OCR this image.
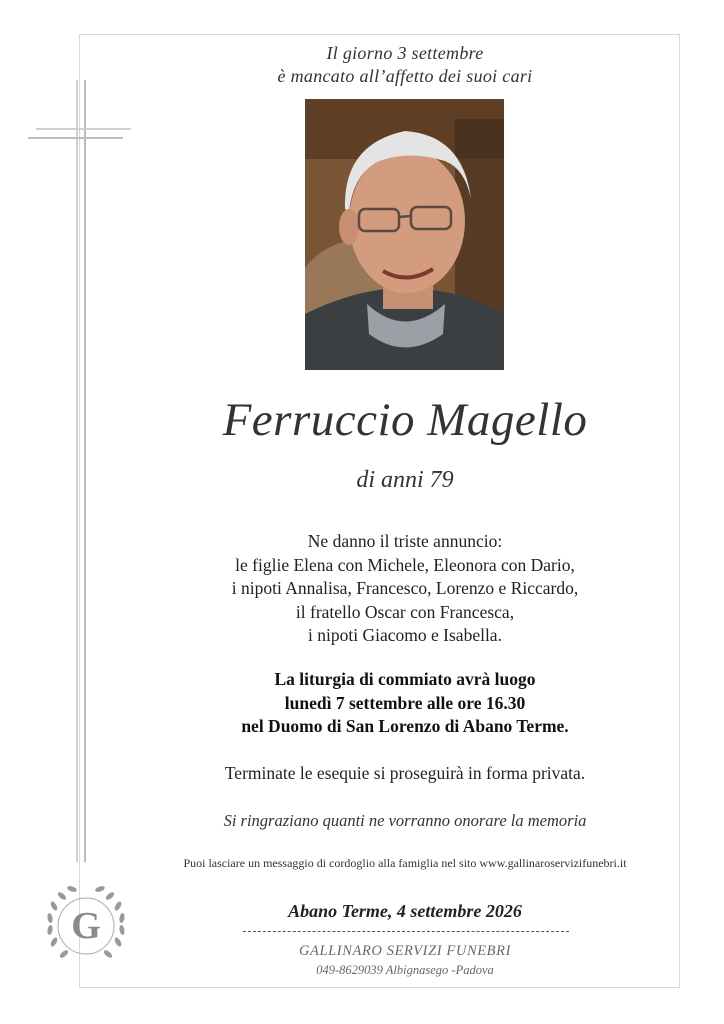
Il giorno 3 settembre
è mancato all’affetto dei suoi cari
Ferruccio Magello
di anni 79
Ne danno il triste annuncio:
le figlie Elena con Michele, Eleonora con Dario,
i nipoti Annalisa, Francesco, Lorenzo e Riccardo,
il fratello Oscar con Francesca,
i nipoti Giacomo e Isabella.
La liturgia di commiato avrà luogo
lunedì 7 settembre alle ore 16.30
nel Duomo di San Lorenzo di Abano Terme.
Terminate le esequie si proseguirà in forma privata.
Si ringraziano quanti ne vorranno onorare la memoria
Puoi lasciare un messaggio di cordoglio alla famiglia nel sito www.gallinaroservizifunebri.it
Abano Terme, 4 settembre 2026
GALLINARO SERVIZI FUNEBRI
049-8629039 Albignasego -Padova
G
